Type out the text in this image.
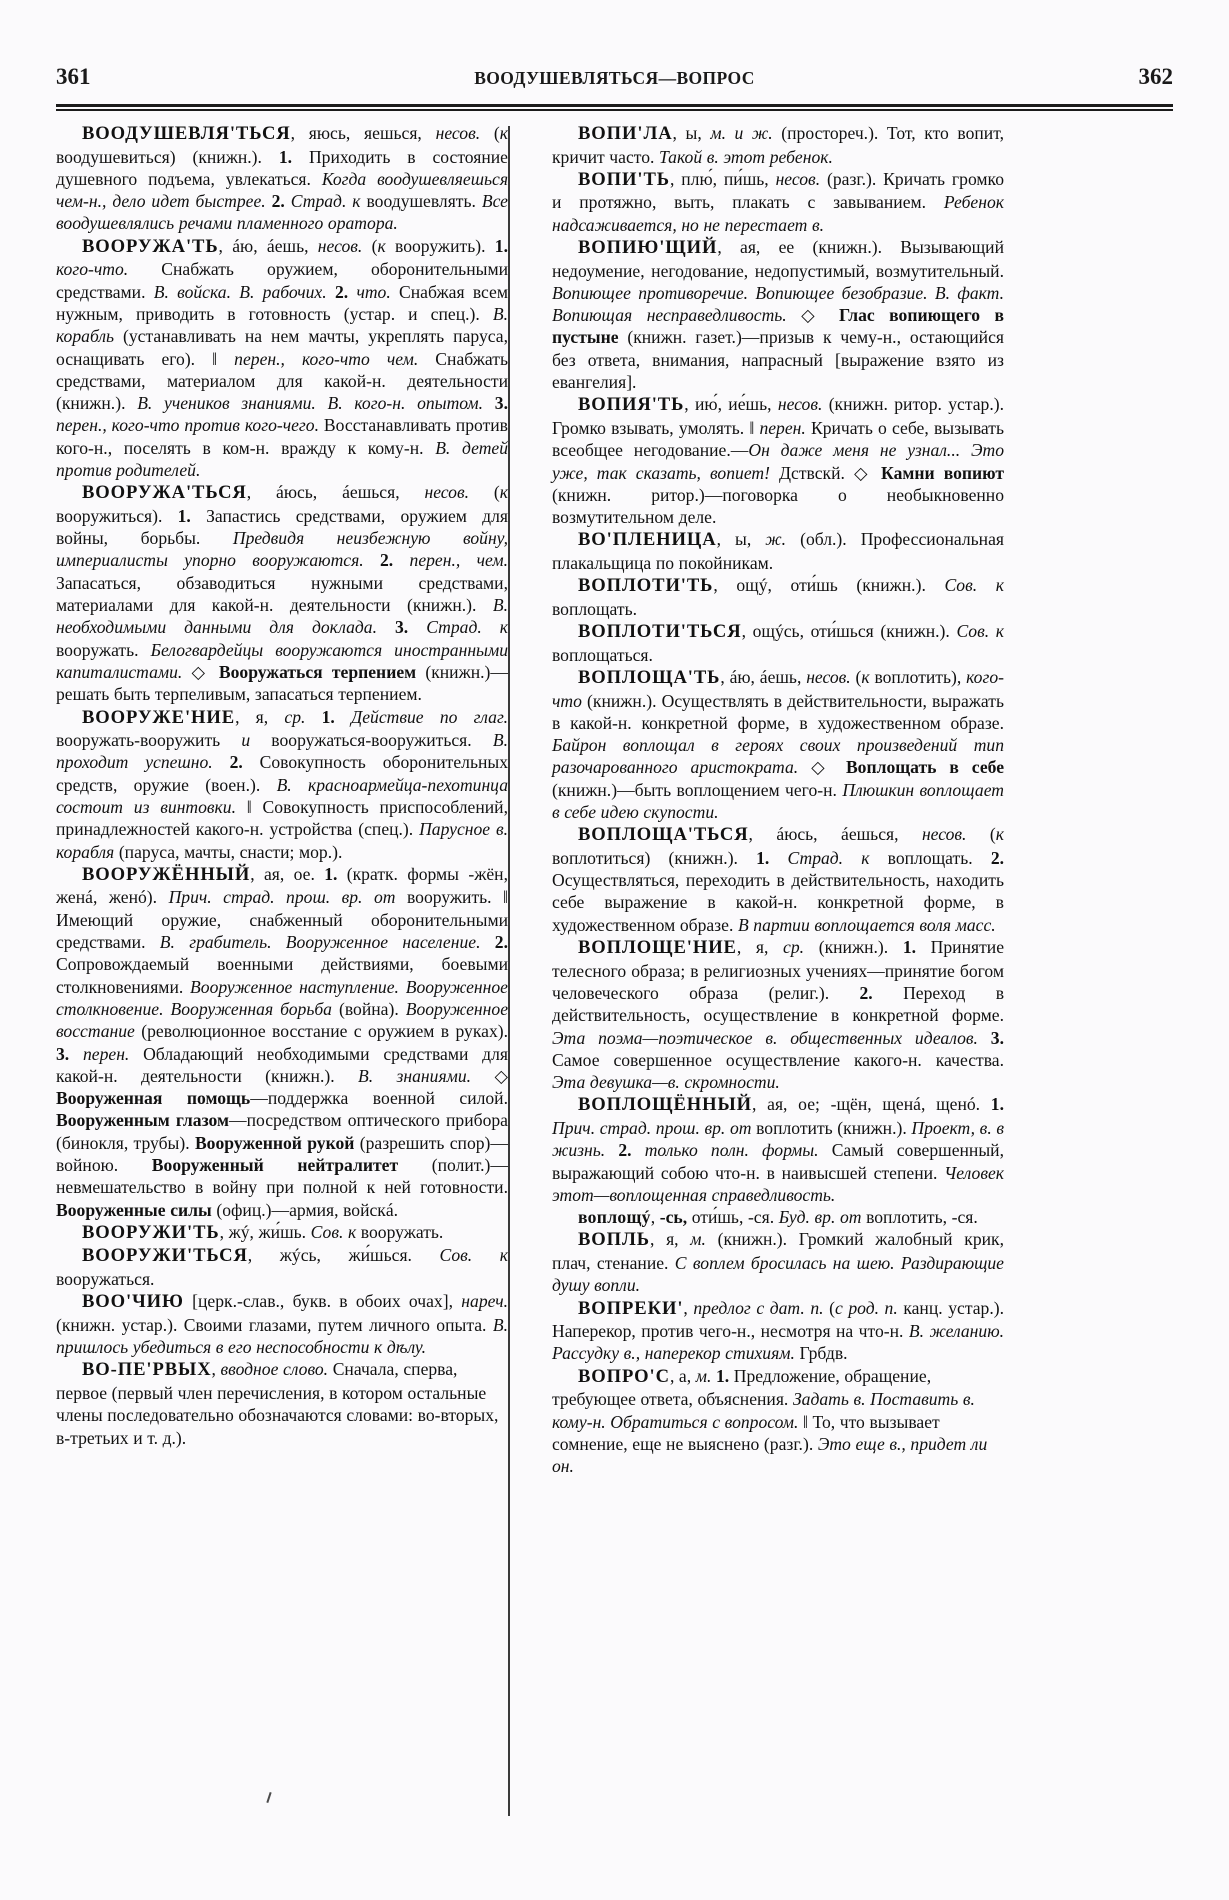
361	ВООДУШЕВЛЯТЬСЯ—ВОПРОС	362

ВООДУШЕВЛЯ'ТЬСЯ, яюсь, яешься, несов. (к воодушевиться) (книжн.). 1. Приходить в состояние душевного подъема, увлекаться. Когда воодушевляешься чем-н., дело идет быстрее. 2. Страд. к воодушевлять. Все воодушевлялись речами пламенного оратора.

ВООРУЖА'ТЬ, áю, áешь, несов. (к вооружить). 1. кого-что. Снабжать оружием, оборонительными средствами. В. войска. В. рабочих. 2. что. Снабжая всем нужным, приводить в готовность (устар. и спец.). В. корабль (устанавливать на нем мачты, укреплять паруса, оснащивать его). ‖ перен., кого-что чем. Снабжать средствами, материалом для какой-н. деятельности (книжн.). В. учеников знаниями. В. кого-н. опытом. 3. перен., кого-что против кого-чего. Восстанавливать против кого-н., поселять в ком-н. вражду к кому-н. В. детей против родителей.

ВООРУЖА'ТЬСЯ, áюсь, áешься, несов. (к вооружиться). 1. Запастись средствами, оружием для войны, борьбы. Предвидя неизбежную войну, империалисты упорно вооружаются. 2. перен., чем. Запасаться, обзаводиться нужными средствами, материалами для какой-н. деятельности (книжн.). В. необходимыми данными для доклада. 3. Страд. к вооружать. Белогвардейцы вооружаются иностранными капиталистами. ◇ Вооружаться терпением (книжн.)—решать быть терпеливым, запасаться терпением.

ВООРУЖЕ'НИЕ, я, ср. 1. Действие по глаг. вооружать-вооружить и вооружаться-вооружиться. В. проходит успешно. 2. Совокупность оборонительных средств, оружие (воен.). В. красноармейца-пехотинца состоит из винтовки. ‖ Совокупность приспособлений, принадлежностей какого-н. устройства (спец.). Парусное в. корабля (паруса, мачты, снасти; мор.).

ВООРУЖЁННЫЙ, ая, ое. 1. (кратк. формы -жён, женá, женó). Прич. страд. прош. вр. от вооружить. ‖ Имеющий оружие, снабженный оборонительными средствами. В. грабитель. Вооруженное население. 2. Сопровождаемый военными действиями, боевыми столкновениями. Вооруженное наступление. Вооруженное столкновение. Вооруженная борьба (война). Вооруженное восстание (революционное восстание с оружием в руках). 3. перен. Обладающий необходимыми средствами для какой-н. деятельности (книжн.). В. знаниями. ◇ Вооруженная помощь—поддержка военной силой. Вооруженным глазом—посредством оптического прибора (бинокля, трубы). Вооруженной рукой (разрешить спор)—войною. Вооруженный нейтралитет (полит.)—невмешательство в войну при полной к ней готовности. Вооруженные силы (офиц.)—армия, войскá.

ВООРУЖИ'ТЬ, жý, жи́шь. Сов. к вооружать.

ВООРУЖИ'ТЬСЯ, жýсь, жи́шься. Сов. к вооружаться.

ВОО'ЧИЮ [церк.-слав., букв. в обоих очах], нареч. (книжн. устар.). Своими глазами, путем личного опыта. В. пришлось убедиться в его неспособности к дѣлу.

ВО-ПЕ'РВЫХ, вводное слово. Сначала, сперва, первое (первый член перечисления, в котором остальные члены последовательно обозначаются словами: во-вторых, в-третьих и т. д.).

ВОПИ'ЛА, ы, м. и ж. (простореч.). Тот, кто вопит, кричит часто. Такой в. этот ребенок.

ВОПИ'ТЬ, плю́, пи́шь, несов. (разг.). Кричать громко и протяжно, выть, плакать с завыванием. Ребенок надсаживается, но не перестает в.

ВОПИЮ'ЩИЙ, ая, ее (книжн.). Вызывающий недоумение, негодование, недопустимый, возмутительный. Вопиющее противоречие. Вопиющее безобразие. В. факт. Вопиющая несправедливость. ◇ Глас вопиющего в пустыне (книжн. газет.)—призыв к чему-н., остающийся без ответа, внимания, напрасный [выражение взято из евангелия].

ВОПИЯ'ТЬ, ию́, ие́шь, несов. (книжн. ритор. устар.). Громко взывать, умолять. ‖ перен. Кричать о себе, вызывать всеобщее негодование.—Он даже меня не узнал... Это уже, так сказать, вопиет! Дствскй. ◇ Камни вопиют (книжн. ритор.)—поговорка о необыкновенно возмутительном деле.

ВО'ПЛЕНИЦА, ы, ж. (обл.). Профессиональная плакальщица по покойникам.

ВОПЛОТИ'ТЬ, ощý, оти́шь (книжн.). Сов. к воплощать.

ВОПЛОТИ'ТЬСЯ, ощýсь, оти́шься (книжн.). Сов. к воплощаться.

ВОПЛОЩА'ТЬ, áю, áешь, несов. (к воплотить), кого-что (книжн.). Осуществлять в действительности, выражать в какой-н. конкретной форме, в художественном образе. Байрон воплощал в героях своих произведений тип разочарованного аристократа. ◇ Воплощать в себе (книжн.)—быть воплощением чего-н. Плюшкин воплощает в себе идею скупости.

ВОПЛОЩА'ТЬСЯ, áюсь, áешься, несов. (к воплотиться) (книжн.). 1. Страд. к воплощать. 2. Осуществляться, переходить в действительность, находить себе выражение в какой-н. конкретной форме, в художественном образе. В партии воплощается воля масс.

ВОПЛОЩЕ'НИЕ, я, ср. (книжн.). 1. Принятие телесного образа; в религиозных учениях—принятие богом человеческого образа (религ.). 2. Переход в действительность, осуществление в конкретной форме. Эта поэма—поэтическое в. общественных идеалов. 3. Самое совершенное осуществление какого-н. качества. Эта девушка—в. скромности.

ВОПЛОЩЁННЫЙ, ая, ое; -щён, щенá, щенó. 1. Прич. страд. прош. вр. от воплотить (книжн.). Проект, в. в жизнь. 2. только полн. формы. Самый совершенный, выражающий собою что-н. в наивысшей степени. Человек этот—воплощенная справедливость.

воплощý, -сь, оти́шь, -ся. Буд. вр. от воплотить, -ся.

ВОПЛЬ, я, м. (книжн.). Громкий жалобный крик, плач, стенание. С воплем бросилась на шею. Раздирающие душу вопли.

ВОПРЕКИ', предлог с дат. п. (с род. п. канц. устар.). Наперекор, против чего-н., несмотря на что-н. В. желанию. Рассудку в., наперекор стихиям. Грбдв.

ВОПРО'С, а, м. 1. Предложение, обращение, требующее ответа, объяснения. Задать в. Поставить в. кому-н. Обратиться с вопросом. ‖ То, что вызывает сомнение, еще не выяснено (разг.). Это еще в., придет ли он.
